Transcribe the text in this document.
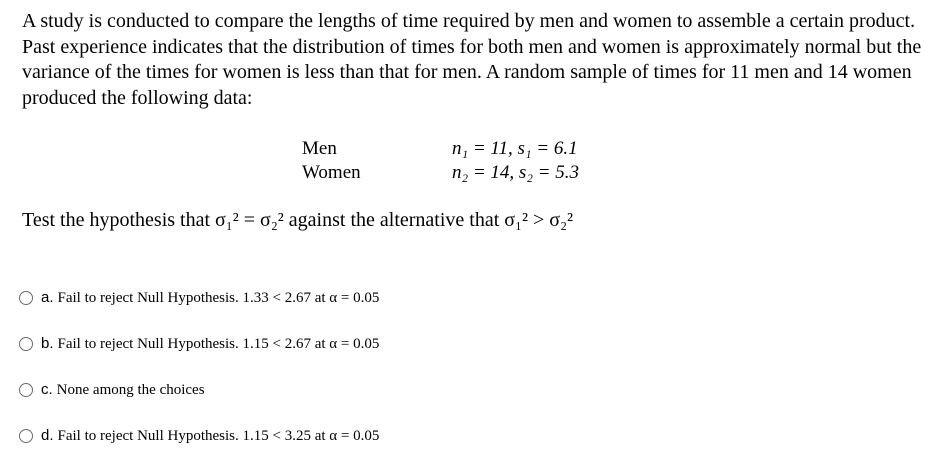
A study is conducted to compare the lengths of time required by men and women to assemble a certain product. Past experience indicates that the distribution of times for both men and women is approximately normal but the variance of the times for women is less than that for men. A random sample of times for 11 men and 14 women produced the following data:

Men	n₁ = 11, s₁ = 6.1
Women	n₂ = 14, s₂ = 5.3
Test the hypothesis that σ₁² = σ₂² against the alternative that σ₁² > σ₂²
a. Fail to reject Null Hypothesis. 1.33 < 2.67 at α = 0.05
b. Fail to reject Null Hypothesis. 1.15 < 2.67 at α = 0.05
c. None among the choices
d. Fail to reject Null Hypothesis. 1.15 < 3.25 at α = 0.05
